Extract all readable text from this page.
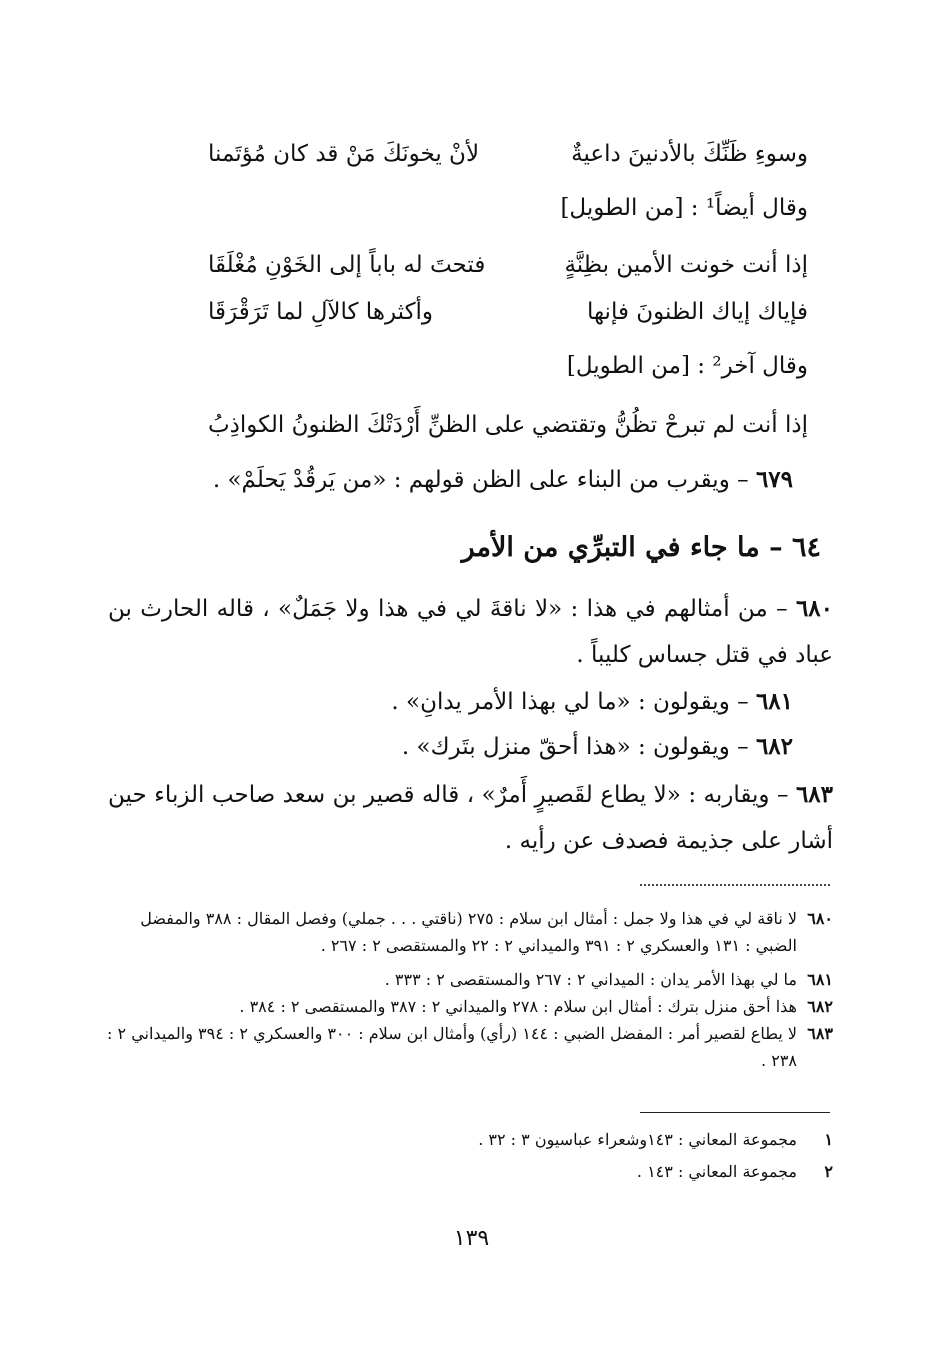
وسوءِ ظَنِّكَ بالأدنينَ داعيةٌ
لأنْ يخونَكَ مَنْ قد كان مُؤتَمنا
وقال أيضاً¹ : [من الطويل]
إذا أنت خونت الأمين بظِنَّةٍ
فتحتَ له باباً إلى الخَوْنِ مُغْلَقَا
فإياك إياك الظنونَ فإنها
وأكثرها كالآلِ لما تَرَقْرَقَا
وقال آخر² : [من الطويل]
إذا أنت لم تبرحْ تظُنُّ وتقتضي
على الظنِّ أَرْدَتْكَ الظنونُ الكواذِبُ
٦٧٩ – ويقرب من البناء على الظن قولهم : «من يَرقُدْ يَحلَمْ» .
٦٤ – ما جاء في التبرِّي من الأمر
٦٨٠ – من أمثالهم في هذا : «لا ناقةَ لي في هذا ولا جَمَلٌ» ، قاله الحارث بن عباد في قتل جساس كليباً .
٦٨١ – ويقولون : «ما لي بهذا الأمر يدانِ» .
٦٨٢ – ويقولون : «هذا أحقّ منزل بتَرك» .
٦٨٣ – ويقاربه : «لا يطاع لقَصيرٍ أَمرٌ» ، قاله قصير بن سعد صاحب الزباء حين أشار على جذيمة فصدف عن رأيه .
٦٨٠لا ناقة لي في هذا ولا جمل : أمثال ابن سلام : ٢٧٥ (ناقتي . . . جملي) وفصل المقال : ٣٨٨ والمفضل الضبي : ١٣١ والعسكري ٢ : ٣٩١ والميداني ٢ : ٢٢ والمستقصى ٢ : ٢٦٧ .
٦٨١ما لي بهذا الأمر يدان : الميداني ٢ : ٢٦٧ والمستقصى ٢ : ٣٣٣ .
٦٨٢هذا أحق منزل بترك : أمثال ابن سلام : ٢٧٨ والميداني ٢ : ٣٨٧ والمستقصى ٢ : ٣٨٤ .
٦٨٣لا يطاع لقصير أمر : المفضل الضبي : ١٤٤ (رأي) وأمثال ابن سلام : ٣٠٠ والعسكري ٢ : ٣٩٤ والميداني ٢ : ٢٣٨ .
١مجموعة المعاني : ١٤٣وشعراء عباسيون ٣ : ٣٢ .
٢مجموعة المعاني : ١٤٣ .
١٣٩
